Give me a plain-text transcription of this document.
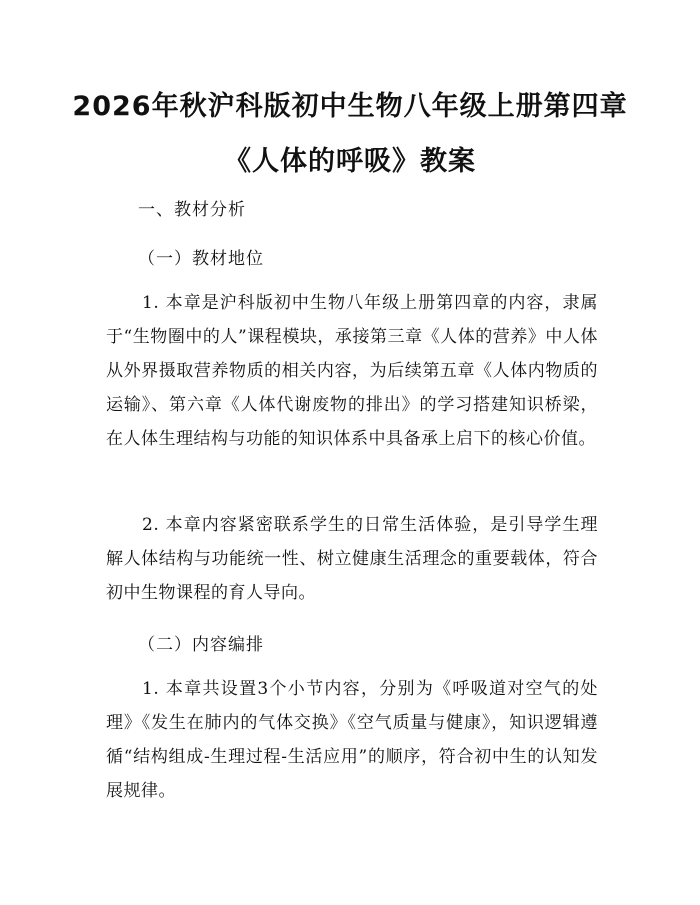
2026年秋沪科版初中生物八年级上册第四章
《人体的呼吸》教案
一、教材分析
（一）教材地位
1. 本章是沪科版初中生物八年级上册第四章的内容，隶属于“生物圈中的人”课程模块，承接第三章《人体的营养》中人体从外界摄取营养物质的相关内容，为后续第五章《人体内物质的运输》、第六章《人体代谢废物的排出》的学习搭建知识桥梁，在人体生理结构与功能的知识体系中具备承上启下的核心价值。
2. 本章内容紧密联系学生的日常生活体验，是引导学生理解人体结构与功能统一性、树立健康生活理念的重要载体，符合初中生物课程的育人导向。
（二）内容编排
1. 本章共设置3个小节内容，分别为《呼吸道对空气的处理》《发生在肺内的气体交换》《空气质量与健康》，知识逻辑遵循“结构组成-生理过程-生活应用”的顺序，符合初中生的认知发展规律。
